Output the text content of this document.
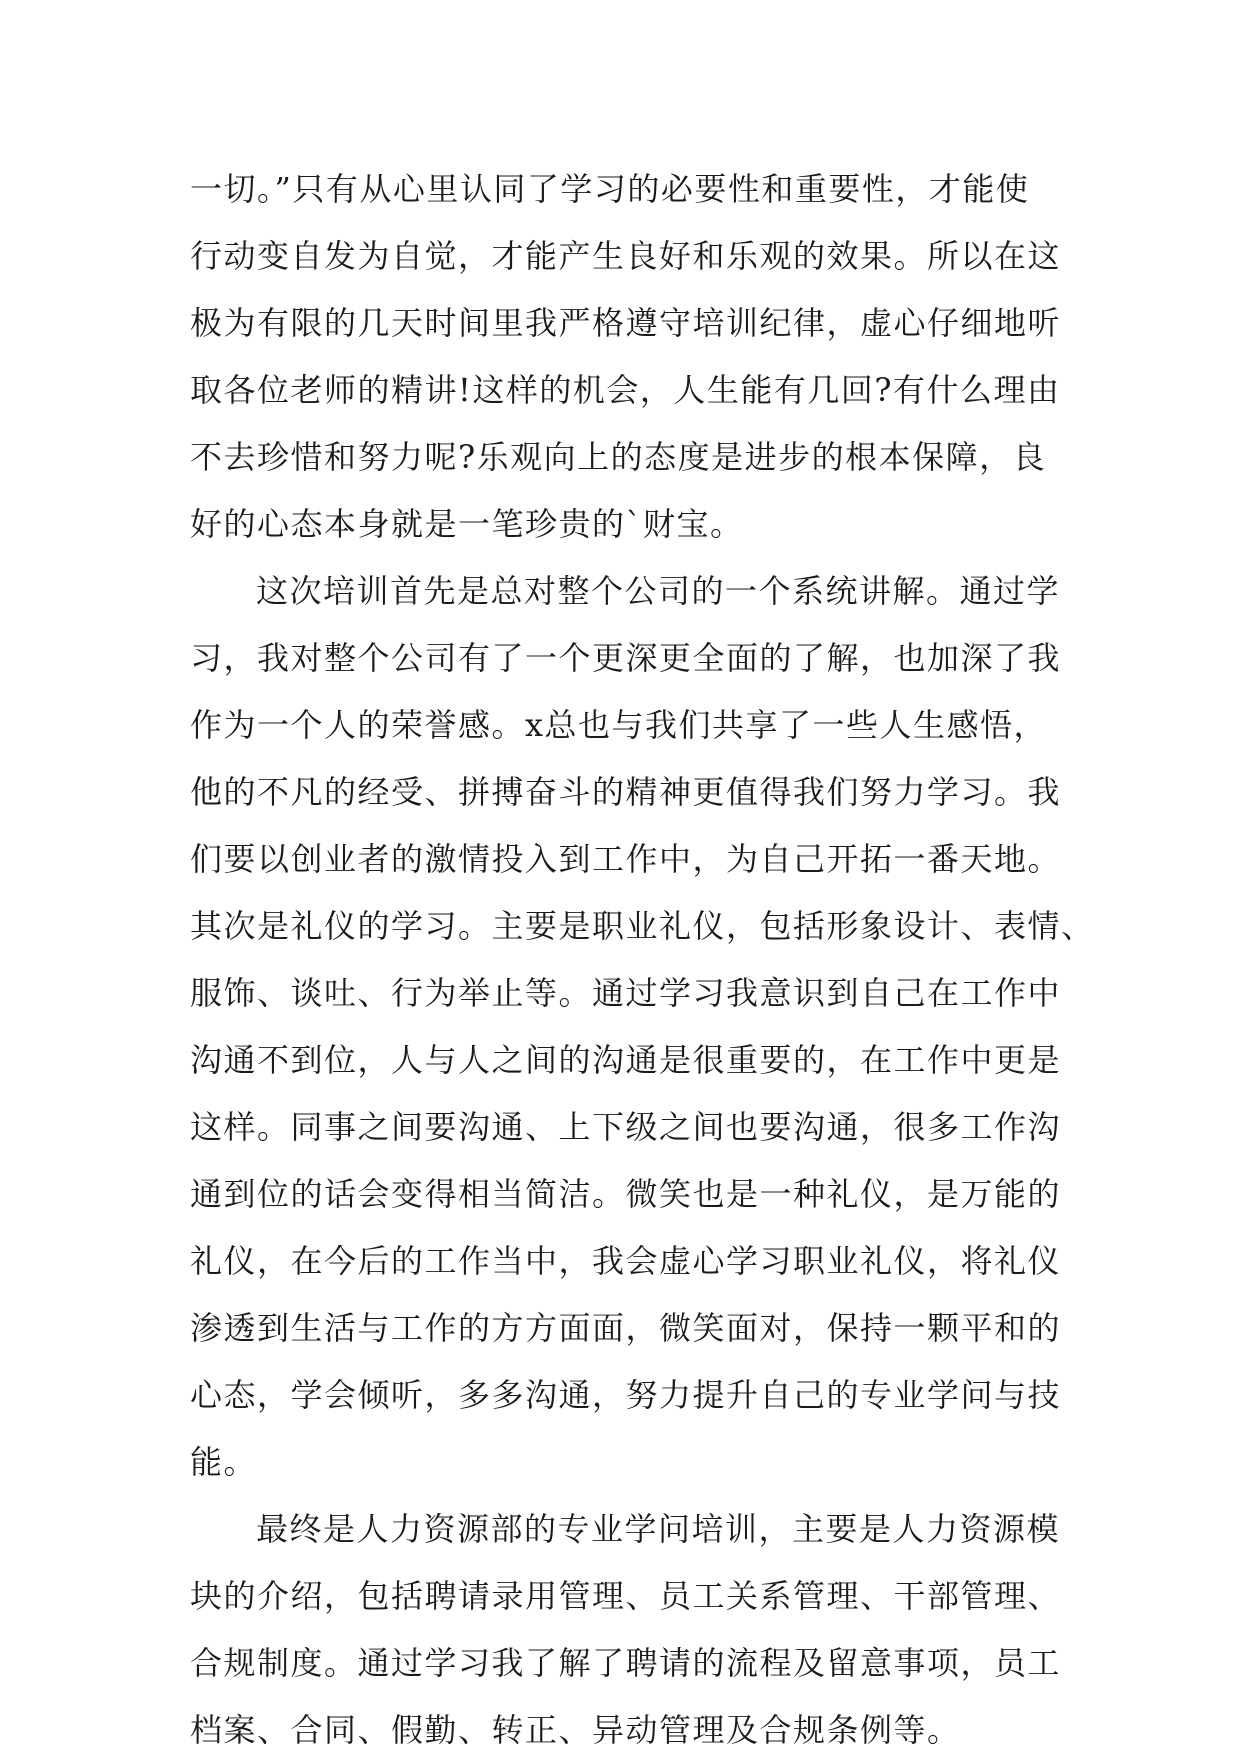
一切。”只有从心里认同了学习的必要性和重要性，才能使
行动变自发为自觉，才能产生良好和乐观的效果。所以在这
极为有限的几天时间里我严格遵守培训纪律，虚心仔细地听
取各位老师的精讲!这样的机会，人生能有几回?有什么理由
不去珍惜和努力呢?乐观向上的态度是进步的根本保障，良
好的心态本身就是一笔珍贵的`财宝。
这次培训首先是总对整个公司的一个系统讲解。通过学
习，我对整个公司有了一个更深更全面的了解，也加深了我
作为一个人的荣誉感。x总也与我们共享了一些人生感悟，
他的不凡的经受、拼搏奋斗的精神更值得我们努力学习。我
们要以创业者的激情投入到工作中，为自己开拓一番天地。
其次是礼仪的学习。主要是职业礼仪，包括形象设计、表情、
服饰、谈吐、行为举止等。通过学习我意识到自己在工作中
沟通不到位，人与人之间的沟通是很重要的，在工作中更是
这样。同事之间要沟通、上下级之间也要沟通，很多工作沟
通到位的话会变得相当简洁。微笑也是一种礼仪，是万能的
礼仪，在今后的工作当中，我会虚心学习职业礼仪，将礼仪
渗透到生活与工作的方方面面，微笑面对，保持一颗平和的
心态，学会倾听，多多沟通，努力提升自己的专业学问与技
能。
最终是人力资源部的专业学问培训，主要是人力资源模
块的介绍，包括聘请录用管理、员工关系管理、干部管理、
合规制度。通过学习我了解了聘请的流程及留意事项，员工
档案、合同、假勤、转正、异动管理及合规条例等。
